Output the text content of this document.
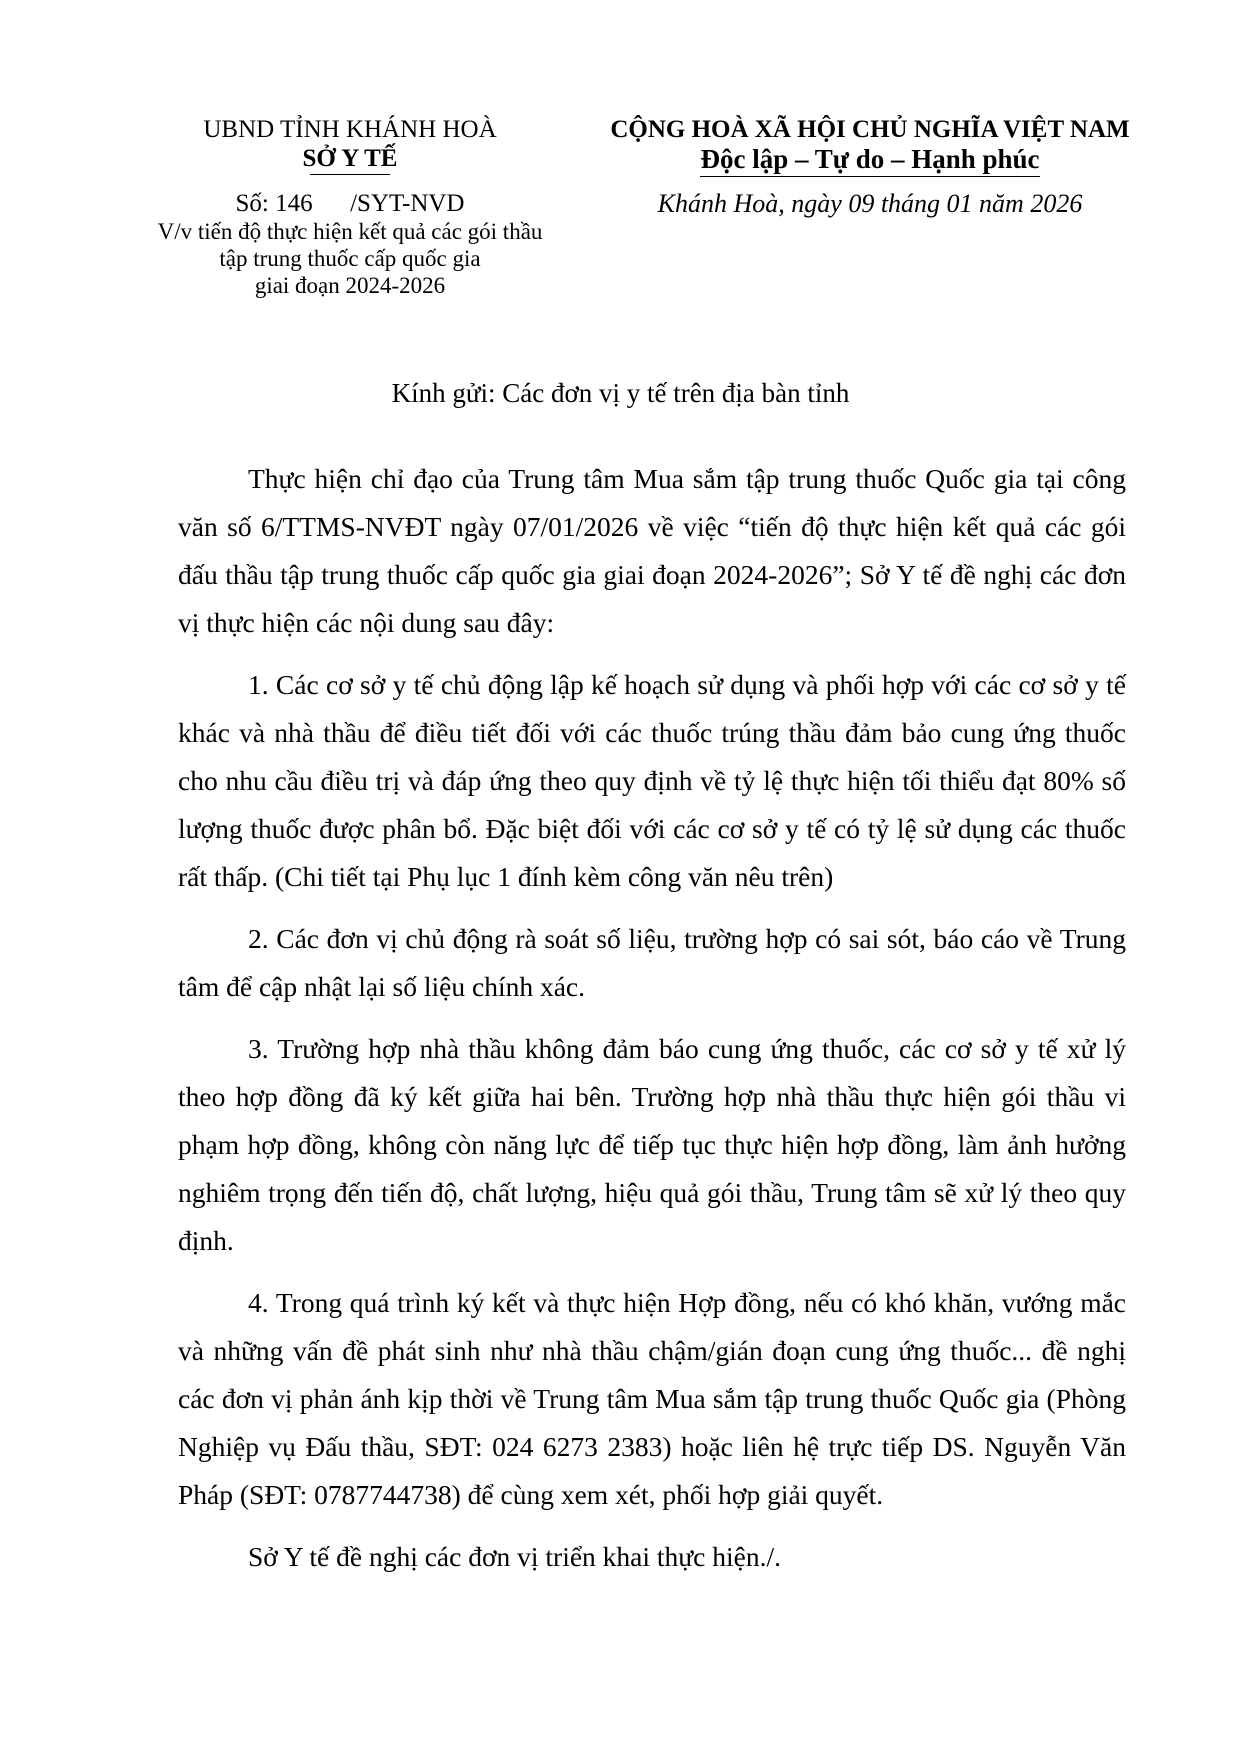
UBND TỈNH KHÁNH HOÀ
SỞ Y TẾ
Số: 146      /SYT-NVD
V/v tiến độ thực hiện kết quả các gói thầu
tập trung thuốc cấp quốc gia
giai đoạn 2024-2026
CỘNG HOÀ XÃ HỘI CHỦ NGHĨA VIỆT NAM
Độc lập – Tự do – Hạnh phúc
Khánh Hoà, ngày 09 tháng 01 năm 2026
Kính gửi: Các đơn vị y tế trên địa bàn tỉnh

Thực hiện chỉ đạo của Trung tâm Mua sắm tập trung thuốc Quốc gia tại công văn số 6/TTMS-NVĐT ngày 07/01/2026 về việc “tiến độ thực hiện kết quả các gói đấu thầu tập trung thuốc cấp quốc gia giai đoạn 2024-2026”; Sở Y tế đề nghị các đơn vị thực hiện các nội dung sau đây:

1. Các cơ sở y tế chủ động lập kế hoạch sử dụng và phối hợp với các cơ sở y tế khác và nhà thầu để điều tiết đối với các thuốc trúng thầu đảm bảo cung ứng thuốc cho nhu cầu điều trị và đáp ứng theo quy định về tỷ lệ thực hiện tối thiểu đạt 80% số lượng thuốc được phân bổ. Đặc biệt đối với các cơ sở y tế có tỷ lệ sử dụng các thuốc rất thấp. (Chi tiết tại Phụ lục 1 đính kèm công văn nêu trên)

2. Các đơn vị chủ động rà soát số liệu, trường hợp có sai sót, báo cáo về Trung tâm để cập nhật lại số liệu chính xác.

3. Trường hợp nhà thầu không đảm báo cung ứng thuốc, các cơ sở y tế xử lý theo hợp đồng đã ký kết giữa hai bên. Trường hợp nhà thầu thực hiện gói thầu vi phạm hợp đồng, không còn năng lực để tiếp tục thực hiện hợp đồng, làm ảnh hưởng nghiêm trọng đến tiến độ, chất lượng, hiệu quả gói thầu, Trung tâm sẽ xử lý theo quy định.

4. Trong quá trình ký kết và thực hiện Hợp đồng, nếu có khó khăn, vướng mắc và những vấn đề phát sinh như nhà thầu chậm/gián đoạn cung ứng thuốc... đề nghị các đơn vị phản ánh kịp thời về Trung tâm Mua sắm tập trung thuốc Quốc gia (Phòng Nghiệp vụ Đấu thầu, SĐT: 024 6273 2383) hoặc liên hệ trực tiếp DS. Nguyễn Văn Pháp (SĐT: 0787744738) để cùng xem xét, phối hợp giải quyết.

Sở Y tế đề nghị các đơn vị triển khai thực hiện./.
